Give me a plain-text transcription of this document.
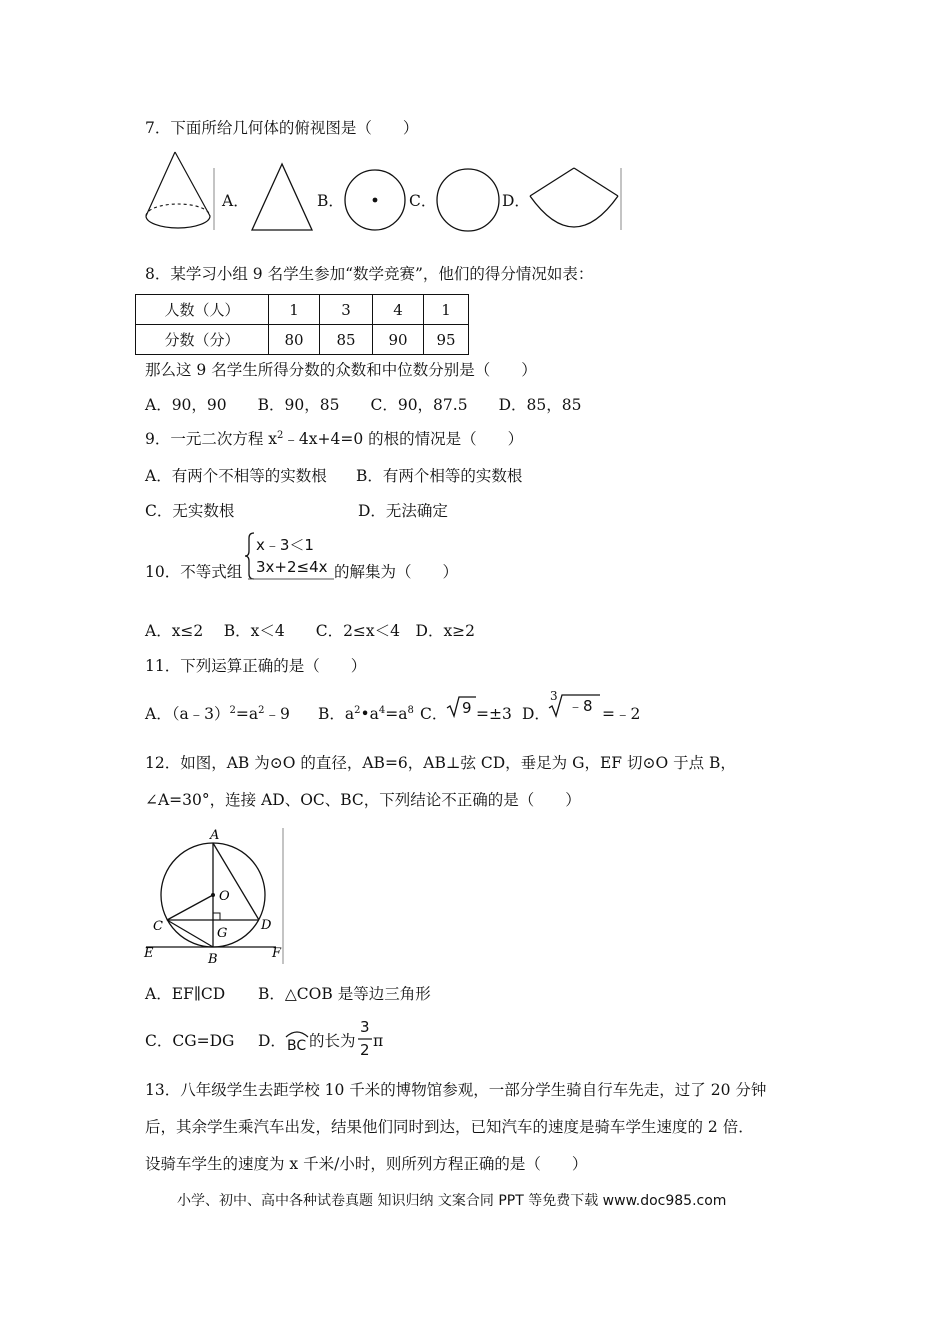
7．下面所给几何体的俯视图是（　　）
A．	B．	C．	D．
8．某学习小组 9 名学生参加“数学竞赛”，他们的得分情况如表：
人数（人）	1	3	4	1
分数（分）	80	85	90	95
那么这 9 名学生所得分数的众数和中位数分别是（　　）
A．90，90　　B．90，85　　C．90，87.5　　D．85，85
9．一元二次方程 $x^2﹣4x+4=0$ 的根的情况是（　　）
A．有两个不相等的实数根 B．有两个相等的实数根
C．无实数根	D．无法确定
10．不等式组
x﹣3＜1
3x+2≤4x 的解集为（　　）
A．x≤2　 B．x＜4　　C．2≤x＜4　D．x≥2
11．下列运算正确的是（　　）
A．$(a﹣3)^2=a^2﹣9$ B．$a^2•a^4=a^8$ C． 9 =±3 D．
3
﹣8 =﹣2
12．如图，AB 为⊙O 的直径，AB=6，AB⊥弦 CD，垂足为 G，EF 切⊙O 于点 B，
∠A=30°，连接 AD、OC、BC，下列结论不正确的是（　　）
A
O
C	D
G
E	B	F
A．EF∥CD B．△COB 是等边三角形
C．CG=DG D． BC 的长为
3
2 π
13．八年级学生去距学校 10 千米的博物馆参观，一部分学生骑自行车先走，过了 20 分钟
后，其余学生乘汽车出发，结果他们同时到达，已知汽车的速度是骑车学生速度的 2 倍．
设骑车学生的速度为 x 千米/小时，则所列方程正确的是（　　）
小学、初中、高中各种试卷真题 知识归纳 文案合同 PPT 等免费下载 www.doc985.com
